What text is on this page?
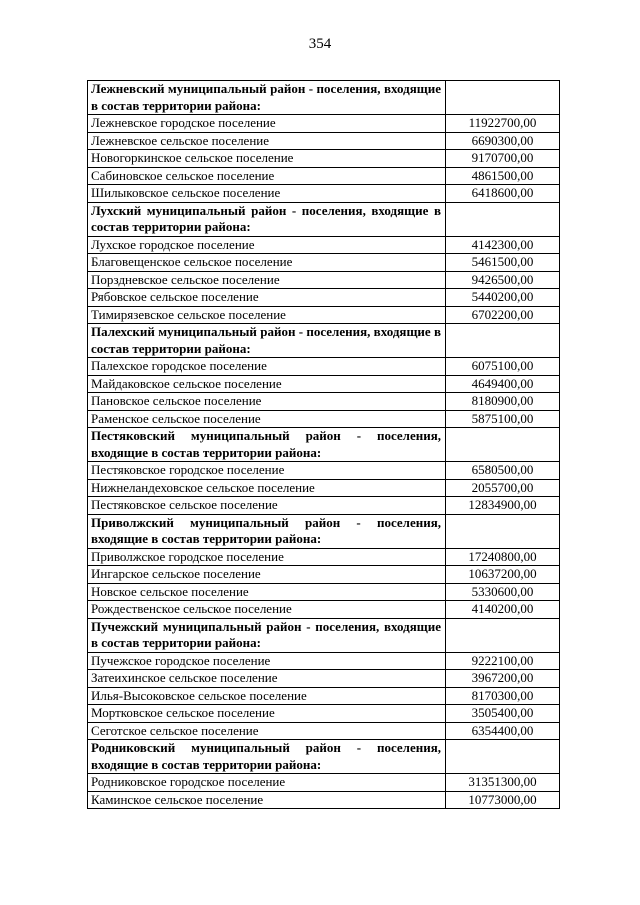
354
Лежневский муниципальный район - поселения, входящие в состав территории района:	
Лежневское городское поселение	11922700,00
Лежневское сельское поселение	6690300,00
Новогоркинское сельское поселение	9170700,00
Сабиновское сельское поселение	4861500,00
Шилыковское сельское поселение	6418600,00
Лухский муниципальный район - поселения, входящие в состав территории района:	
Лухское городское поселение	4142300,00
Благовещенское сельское поселение	5461500,00
Порздневское сельское поселение	9426500,00
Рябовское сельское поселение	5440200,00
Тимирязевское сельское поселение	6702200,00
Палехский муниципальный район - поселения, входящие в состав территории района:	
Палехское городское поселение	6075100,00
Майдаковское сельское поселение	4649400,00
Пановское сельское поселение	8180900,00
Раменское сельское поселение	5875100,00
Пестяковский муниципальный район - поселения, входящие в состав территории района:	
Пестяковское городское поселение	6580500,00
Нижнеландеховское сельское поселение	2055700,00
Пестяковское сельское поселение	12834900,00
Приволжский муниципальный район - поселения, входящие в состав территории района:	
Приволжское городское поселение	17240800,00
Ингарское сельское поселение	10637200,00
Новское сельское поселение	5330600,00
Рождественское сельское поселение	4140200,00
Пучежский муниципальный район - поселения, входящие в состав территории района:	
Пучежское городское поселение	9222100,00
Затеихинское сельское поселение	3967200,00
Илья-Высоковское сельское поселение	8170300,00
Мортковское сельское поселение	3505400,00
Сеготское сельское поселение	6354400,00
Родниковский муниципальный район - поселения, входящие в состав территории района:	
Родниковское городское поселение	31351300,00
Каминское сельское поселение	10773000,00
